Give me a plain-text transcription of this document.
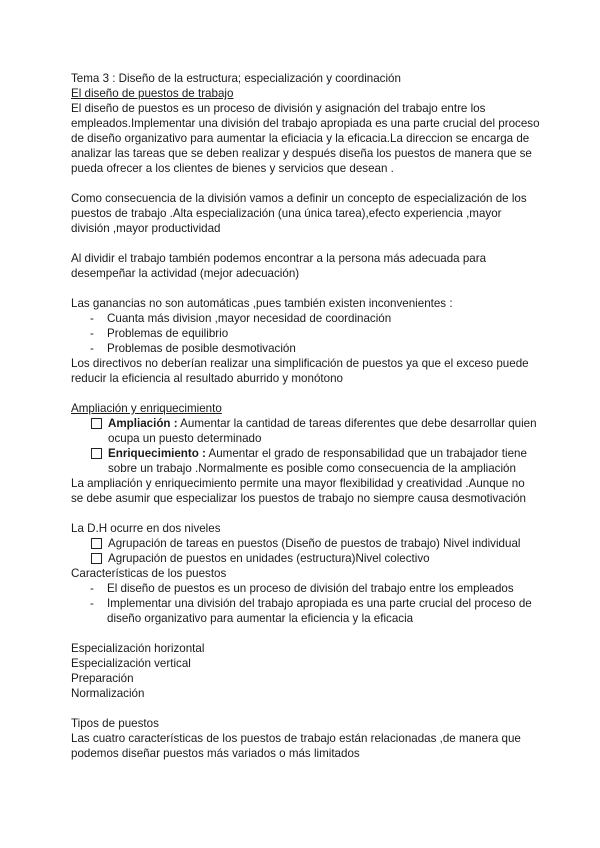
Tema 3 : Diseño de la estructura; especialización y coordinación

El diseño de puestos de trabajo

El diseño de puestos es un proceso de división y asignación del trabajo entre los empleados.Implementar una división del trabajo apropiada es una parte crucial del proceso de diseño organizativo para aumentar la eficiacia y la eficacia.La direccion se encarga de analizar las tareas que se deben realizar y después diseña los puestos de manera que se pueda ofrecer a los clientes de bienes y servicios que desean .

Como consecuencia de la división vamos a definir un concepto de especialización de los puestos de trabajo .Alta especialización (una única tarea),efecto experiencia ,mayor división ,mayor productividad

Al dividir el trabajo también podemos encontrar a la persona más adecuada para desempeñar la actividad (mejor adecuación)

Las ganancias no son automáticas ,pues también existen inconvenientes :

- Cuanta más division ,mayor necesidad de coordinación
- Problemas de equilibrio
- Problemas de posible desmotivación

Los directivos no deberían realizar una simplificación de puestos ya que el exceso puede reducir la eficiencia al resultado aburrido y monótono

Ampliación y enriquecimiento

Ampliación : Aumentar la cantidad de tareas diferentes que debe desarrollar quien ocupa un puesto determinado
Enriquecimiento : Aumentar el grado de responsabilidad que un trabajador tiene sobre un trabajo .Normalmente es posible como consecuencia de la ampliación

La ampliación y enriquecimiento permite una mayor flexibilidad y creatividad .Aunque no se debe asumir que especializar los puestos de trabajo no siempre causa desmotivación

La D.H ocurre en dos niveles

Agrupación de tareas en puestos (Diseño de puestos de trabajo) Nivel individual
Agrupación de puestos en unidades (estructura)Nivel colectivo

Características de los puestos

- El diseño de puestos es un proceso de división del trabajo entre los empleados
- Implementar una división del trabajo apropiada es una parte crucial del proceso de diseño organizativo para aumentar la eficiencia y la eficacia

Especialización horizontal

Especialización vertical

Preparación

Normalización

Tipos de puestos

Las cuatro características de los puestos de trabajo están relacionadas ,de manera que podemos diseñar puestos más variados o más limitados
